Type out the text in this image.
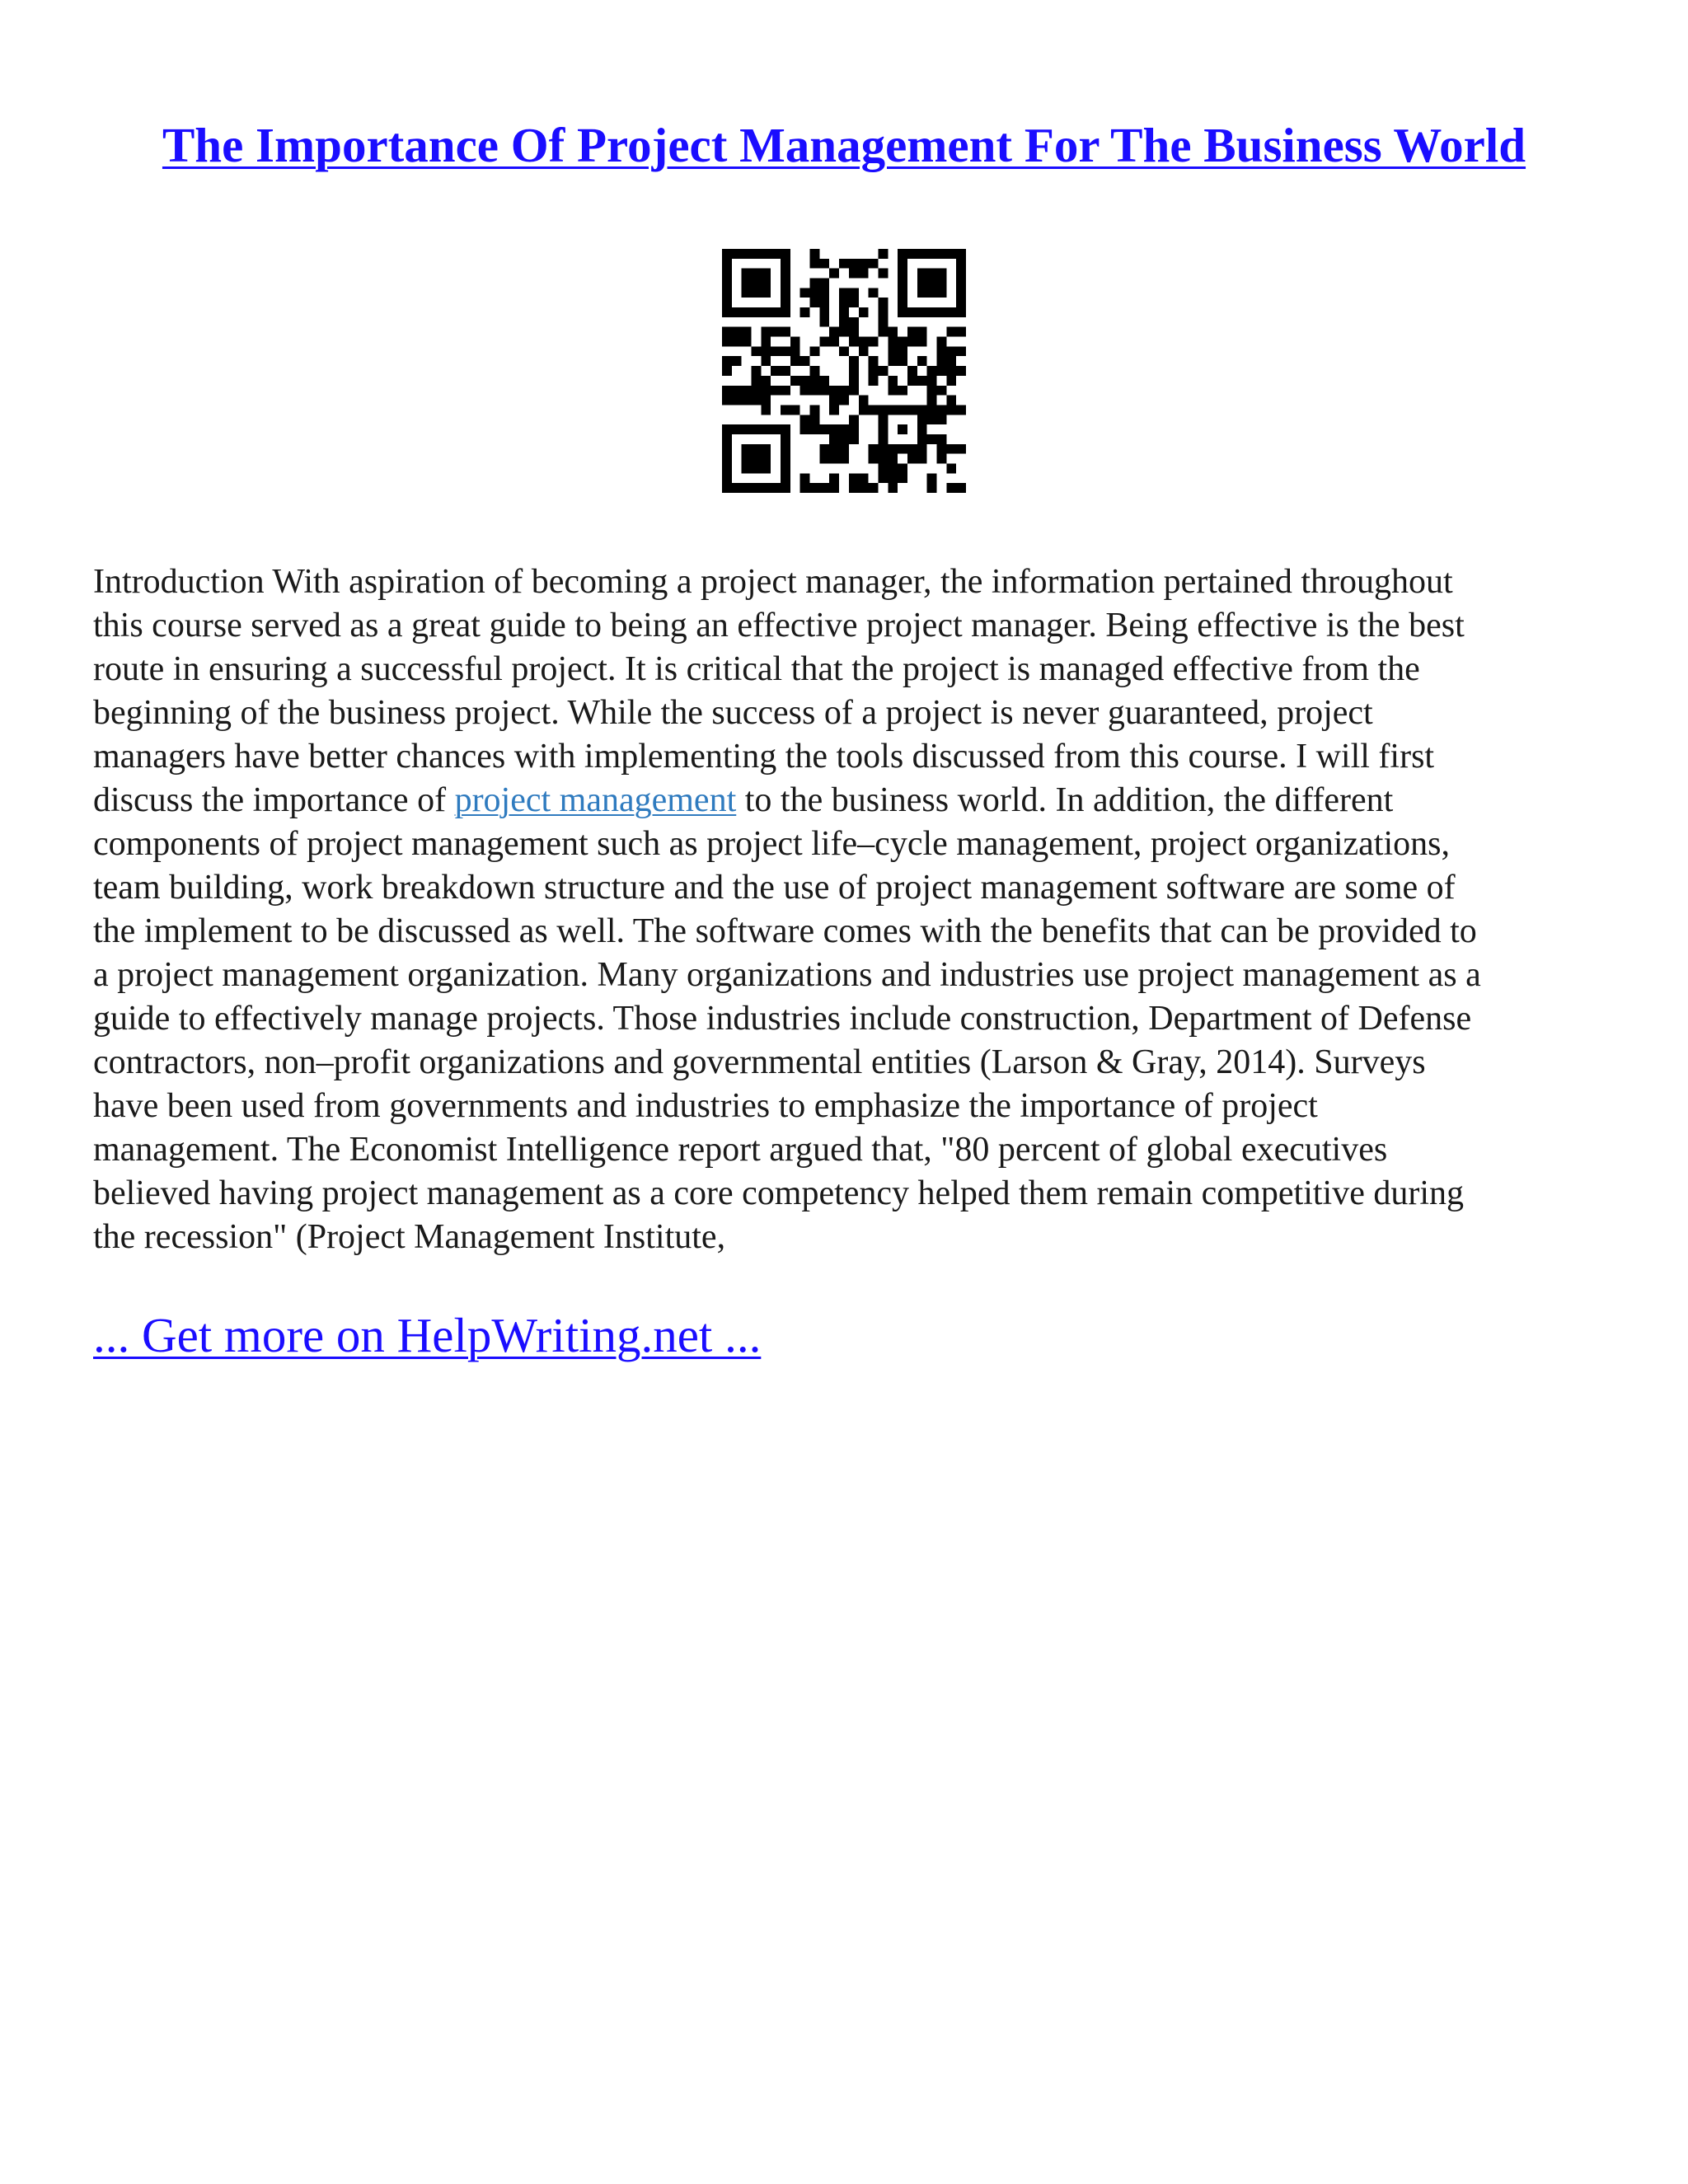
The Importance Of Project Management For The Business World
Introduction With aspiration of becoming a project manager, the information pertained throughout
this course served as a great guide to being an effective project manager. Being effective is the best
route in ensuring a successful project. It is critical that the project is managed effective from the
beginning of the business project. While the success of a project is never guaranteed, project
managers have better chances with implementing the tools discussed from this course. I will first
discuss the importance of project management to the business world. In addition, the different
components of project management such as project life–cycle management, project organizations,
team building, work breakdown structure and the use of project management software are some of
the implement to be discussed as well. The software comes with the benefits that can be provided to
a project management organization. Many organizations and industries use project management as a
guide to effectively manage projects. Those industries include construction, Department of Defense
contractors, non–profit organizations and governmental entities (Larson & Gray, 2014). Surveys
have been used from governments and industries to emphasize the importance of project
management. The Economist Intelligence report argued that, "80 percent of global executives
believed having project management as a core competency helped them remain competitive during
the recession" (Project Management Institute,
... Get more on HelpWriting.net ...
